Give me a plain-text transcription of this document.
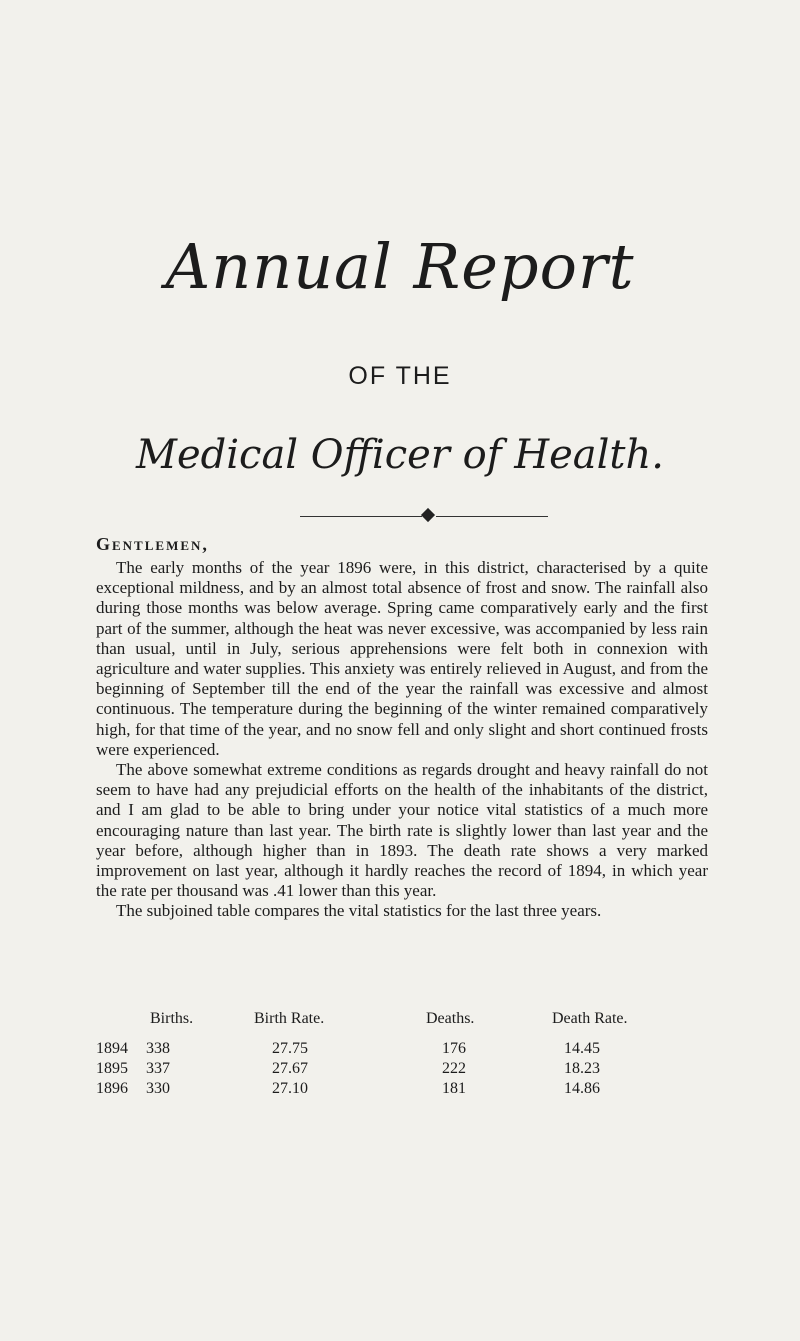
Annual Report
OF THE
Medical Officer of Health.
Gentlemen,

The early months of the year 1896 were, in this district, characterised by a quite exceptional mildness, and by an almost total absence of frost and snow. The rainfall also during those months was below average. Spring came comparatively early and the first part of the summer, although the heat was never excessive, was accompanied by less rain than usual, until in July, serious apprehensions were felt both in connexion with agriculture and water supplies. This anxiety was entirely relieved in August, and from the beginning of September till the end of the year the rainfall was excessive and almost continuous. The temperature during the beginning of the winter remained comparatively high, for that time of the year, and no snow fell and only slight and short continued frosts were experienced.

The above somewhat extreme conditions as regards drought and heavy rainfall do not seem to have had any prejudicial efforts on the health of the inhabitants of the district, and I am glad to be able to bring under your notice vital statistics of a much more encouraging nature than last year. The birth rate is slightly lower than last year and the year before, although higher than in 1893. The death rate shows a very marked improvement on last year, although it hardly reaches the record of 1894, in which year the rate per thousand was .41 lower than this year.

The subjoined table compares the vital statistics for the last three years.

Births.	Birth Rate.	Deaths.	Death Rate.
1894 338	27.75	176	14.45
1895 337	27.67	222	18.23
1896 330	27.10	181	14.86
